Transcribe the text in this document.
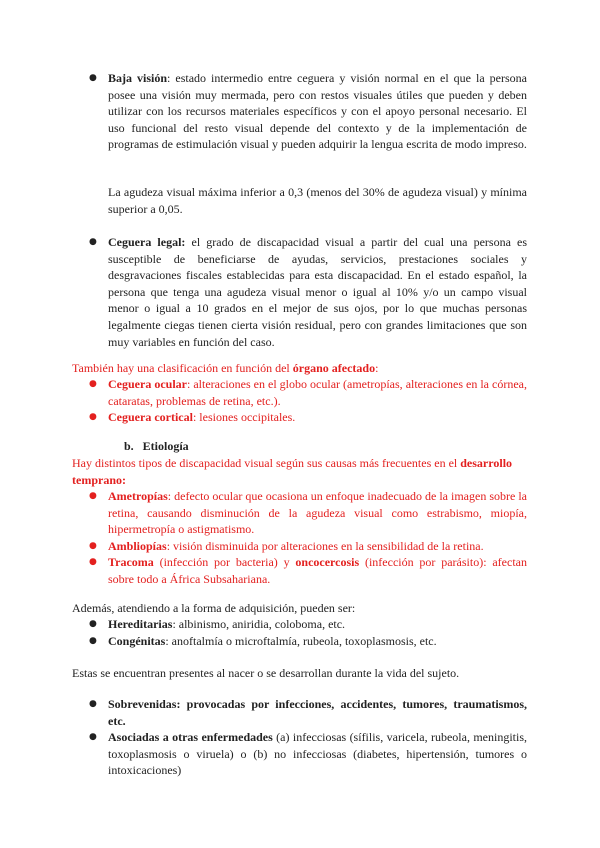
● Baja visión: estado intermedio entre ceguera y visión normal en el que la persona posee una visión muy mermada, pero con restos visuales útiles que pueden y deben utilizar con los recursos materiales específicos y con el apoyo personal necesario. El uso funcional del resto visual depende del contexto y de la implementación de programas de estimulación visual y pueden adquirir la lengua escrita de modo impreso.

La agudeza visual máxima inferior a 0,3 (menos del 30% de agudeza visual) y mínima superior a 0,05.

● Ceguera legal: el grado de discapacidad visual a partir del cual una persona es susceptible de beneficiarse de ayudas, servicios, prestaciones sociales y desgravaciones fiscales establecidas para esta discapacidad. En el estado español, la persona que tenga una agudeza visual menor o igual al 10% y/o un campo visual menor o igual a 10 grados en el mejor de sus ojos, por lo que muchas personas legalmente ciegas tienen cierta visión residual, pero con grandes limitaciones que son muy variables en función del caso.

También hay una clasificación en función del órgano afectado:

● Ceguera ocular: alteraciones en el globo ocular (ametropías, alteraciones en la córnea, cataratas, problemas de retina, etc.).
● Ceguera cortical: lesiones occipitales.

b.   Etiología

Hay distintos tipos de discapacidad visual según sus causas más frecuentes en el desarrollo temprano:

● Ametropías: defecto ocular que ocasiona un enfoque inadecuado de la imagen sobre la retina, causando disminución de la agudeza visual como estrabismo, miopía, hipermetropía o astigmatismo.
● Ambliopías: visión disminuida por alteraciones en la sensibilidad de la retina.
● Tracoma (infección por bacteria) y oncocercosis (infección por parásito): afectan sobre todo a África Subsahariana.

Además, atendiendo a la forma de adquisición, pueden ser:

● Hereditarias: albinismo, aniridia, coloboma, etc.
● Congénitas: anoftalmía o microftalmía, rubeola, toxoplasmosis, etc.

Estas se encuentran presentes al nacer o se desarrollan durante la vida del sujeto.

● Sobrevenidas: provocadas por infecciones, accidentes, tumores, traumatismos, etc.
● Asociadas a otras enfermedades (a) infecciosas (sífilis, varicela, rubeola, meningitis, toxoplasmosis o viruela) o (b) no infecciosas (diabetes, hipertensión, tumores o intoxicaciones)
